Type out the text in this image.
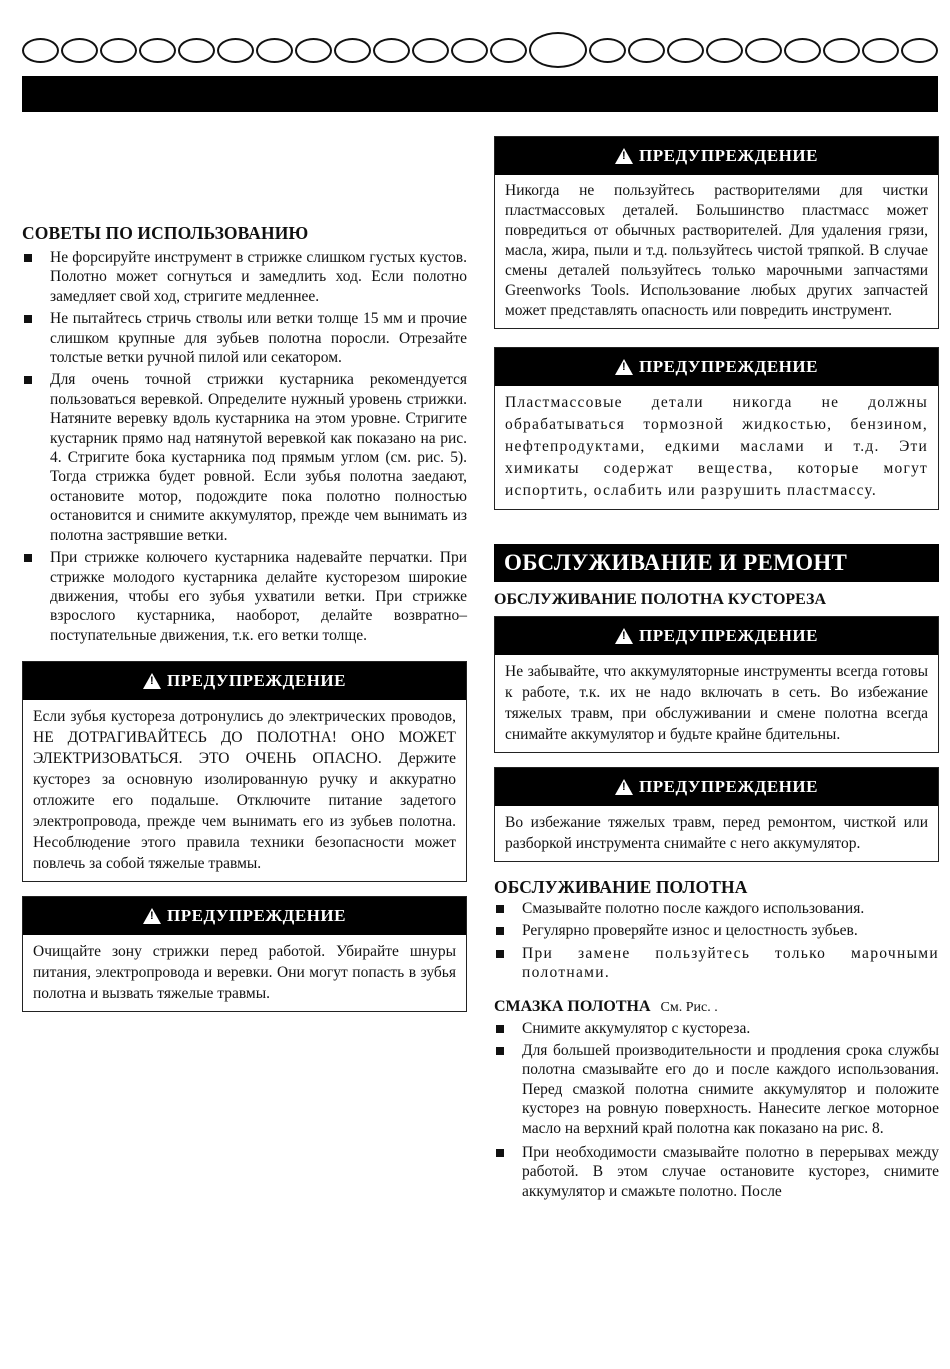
СОВЕТЫ ПО ИСПОЛЬЗОВАНИЮ
Не форсируйте инструмент в стрижке слишком густых кустов. Полотно может согнуться и замедлить ход. Если полотно замедляет свой ход, стригите медленнее.
Не пытайтесь стричь стволы или ветки толще 15 мм и прочие слишком крупные для зубьев полотна поросли. Отрезайте толстые ветки ручной пилой или секатором.
Для очень точной стрижки кустарника рекомендуется пользоваться веревкой. Определите нужный уровень стрижки. Натяните веревку вдоль кустарника на этом уровне. Стригите кустарник прямо над натянутой веревкой как показано на рис. 4. Стригите бока кустарника под прямым углом (см. рис. 5). Тогда стрижка будет ровной. Если зубья полотна заедают, остановите мотор, подождите пока полотно полностью остановится и снимите аккумулятор, прежде чем вынимать из полотна застрявшие ветки.
При стрижке колючего кустарника надевайте перчатки. При стрижке молодого кустарника делайте кусторезом широкие движения, чтобы его зубья ухватили ветки. При стрижке взрослого кустарника, наоборот, делайте возвратно–поступательные движения, т.к. его ветки толще.
!
ПРЕДУПРЕЖДЕНИЕ
Если зубья кустореза дотронулись до электрических проводов, НЕ ДОТРАГИВАЙТЕСЬ ДО ПОЛОТНА! ОНО МОЖЕТ ЭЛЕКТРИЗОВАТЬСЯ. ЭТО ОЧЕНЬ ОПАСНО. Держите кусторез за основную изолированную ручку и аккуратно отложите его подальше. Отключите питание задетого электропровода, прежде чем вынимать его из зубьев полотна. Несоблюдение этого правила техники безопасности может повлечь за собой тяжелые травмы.
!
ПРЕДУПРЕЖДЕНИЕ
Очищайте зону стрижки перед работой. Убирайте шнуры питания, электропровода и веревки. Они могут попасть в зубья полотна и вызвать тяжелые травмы.
!
ПРЕДУПРЕЖДЕНИЕ
Никогда не пользуйтесь растворителями для чистки пластмассовых деталей. Большинство пластмасс может повредиться от обычных растворителей. Для удаления грязи, масла, жира, пыли и т.д. пользуйтесь чистой тряпкой. В случае смены деталей пользуйтесь только марочными запчастями Greenworks Tools. Использование любых других запчастей может представлять опасность или повредить инструмент.
!
ПРЕДУПРЕЖДЕНИЕ
Пластмассовые детали никогда не должны обрабатываться тормозной жидкостью, бензином, нефтепродуктами, едкими маслами и т.д. Эти химикаты содержат вещества, которые могут испортить, ослабить или разрушить пластмассу.
ОБСЛУЖИВАНИЕ И РЕМОНТ
ОБСЛУЖИВАНИЕ ПОЛОТНА КУСТОРЕЗА
!
ПРЕДУПРЕЖДЕНИЕ
Не забывайте, что аккумуляторные инструменты всегда готовы к работе, т.к. их не надо включать в сеть. Во избежание тяжелых травм, при обслуживании и смене полотна всегда снимайте аккумулятор и будьте крайне бдительны.
!
ПРЕДУПРЕЖДЕНИЕ
Во избежание тяжелых травм, перед ремонтом, чисткой или разборкой инструмента снимайте с него аккумулятор.
ОБСЛУЖИВАНИЕ ПОЛОТНА
Смазывайте полотно после каждого использования.
Регулярно проверяйте износ и целостность зубьев.
При замене пользуйтесь только марочными полотнами.
СМАЗКА ПОЛОТНА См. Рис. .
Снимите аккумулятор с кустореза.
Для большей производительности и продления срока службы полотна смазывайте его до и после каждого использования. Перед смазкой полотна снимите аккумулятор и положите кусторез на ровную поверхность. Нанесите легкое моторное масло на верхний край полотна как показано на рис. 8.
При необходимости смазывайте полотно в перерывах между работой. В этом случае остановите кусторез, снимите аккумулятор и смажьте полотно. После
